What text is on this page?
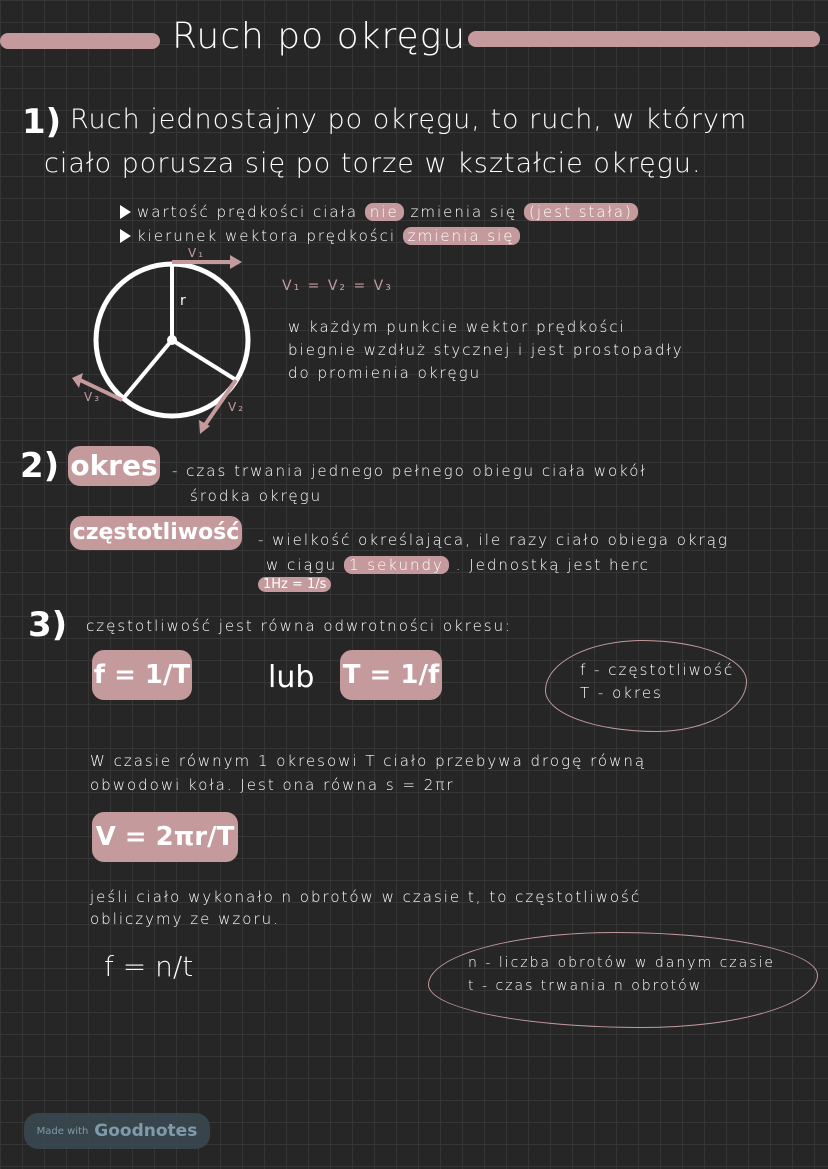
Ruch po okręgu
1) Ruch jednostajny po okręgu, to ruch, w którym
ciało porusza się po torze w kształcie okręgu.
wartość prędkości ciała nie zmienia się (jest stała)
kierunek wektora prędkości zmienia się
V₁
V₂
V₃
r
V₁ = V₂ = V₃
w każdym punkcie wektor prędkości
biegnie wzdłuż stycznej i jest prostopadły
do promienia okręgu
2) okres - czas trwania jednego pełnego obiegu ciała wokół
środka okręgu
częstotliwość - wielkość określająca, ile razy ciało obiega okrąg
w ciągu 1 sekundy . Jednostką jest herc
1Hz = 1/s
3) częstotliwość jest równa odwrotności okresu:
f = 1/T	lub T = 1/f	f - częstotliwość
T - okres
W czasie równym 1 okresowi T ciało przebywa drogę równą
obwodowi koła. Jest ona równa s = 2πr
V = 2πr/T
jeśli ciało wykonało n obrotów w czasie t, to częstotliwość
obliczymy ze wzoru.
f = n/t	n - liczba obrotów w danym czasie
t - czas trwania n obrotów
Made with Goodnotes
